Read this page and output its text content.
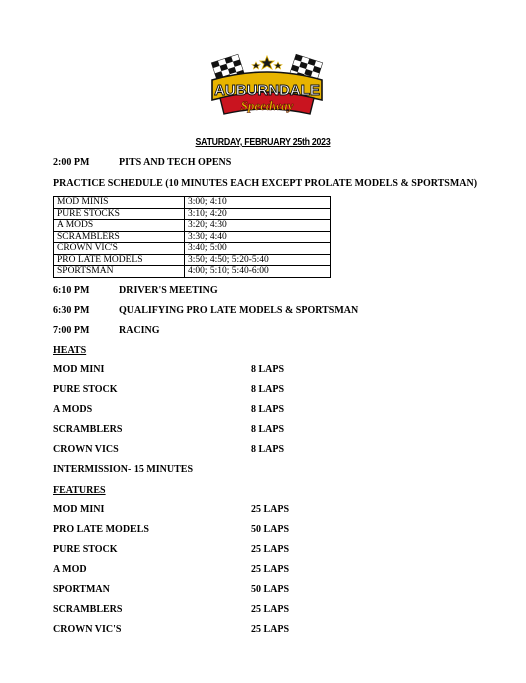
AUBURNDALE
Speedway
SATURDAY, FEBRUARY 25th 2023
2:00 PM	PITS AND TECH OPENS
PRACTICE SCHEDULE (10 MINUTES EACH EXCEPT PROLATE MODELS & SPORTSMAN)
MOD MINIS	3:00; 4:10
PURE STOCKS	3:10; 4:20
A MODS	3:20; 4:30
SCRAMBLERS	3:30; 4:40
CROWN VIC'S	3:40; 5:00
PRO LATE MODELS	3:50; 4:50; 5:20-5:40
SPORTSMAN	4:00; 5:10; 5:40-6:00
6:10 PM	DRIVER'S MEETING
6:30 PM	QUALIFYING PRO LATE MODELS & SPORTSMAN
7:00 PM	RACING
HEATS
MOD MINI	8 LAPS
PURE STOCK	8 LAPS
A MODS	8 LAPS
SCRAMBLERS	8 LAPS
CROWN VICS	8 LAPS
INTERMISSION- 15 MINUTES
FEATURES
MOD MINI	25 LAPS
PRO LATE MODELS	50 LAPS
PURE STOCK	25 LAPS
A MOD	25 LAPS
SPORTMAN	50 LAPS
SCRAMBLERS	25 LAPS
CROWN VIC'S	25 LAPS
